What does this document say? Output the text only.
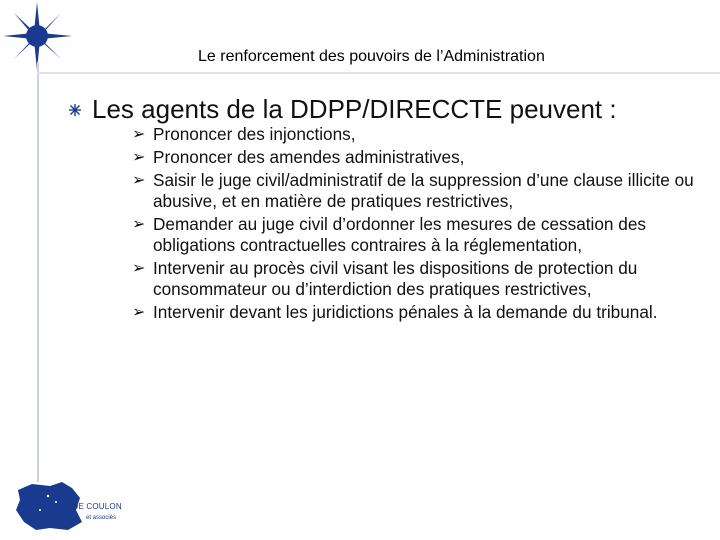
Le renforcement des pouvoirs de l’Administration
Les agents de la DDPP/DIRECCTE peuvent :
➢ Prononcer des injonctions,
➢ Prononcer des amendes administratives,
➢ Saisir le juge civil/administratif de la suppression d’une clause illicite ou abusive, et en matière de pratiques restrictives,
➢ Demander au juge civil d’ordonner les mesures de cessation des obligations contractuelles contraires à la réglementation,
➢ Intervenir au procès civil visant les dispositions de protection du consommateur ou d’interdiction des pratiques restrictives,
➢ Intervenir devant les juridictions pénales à la demande du tribunal.
JEAN-C E DE COULON
et associés
